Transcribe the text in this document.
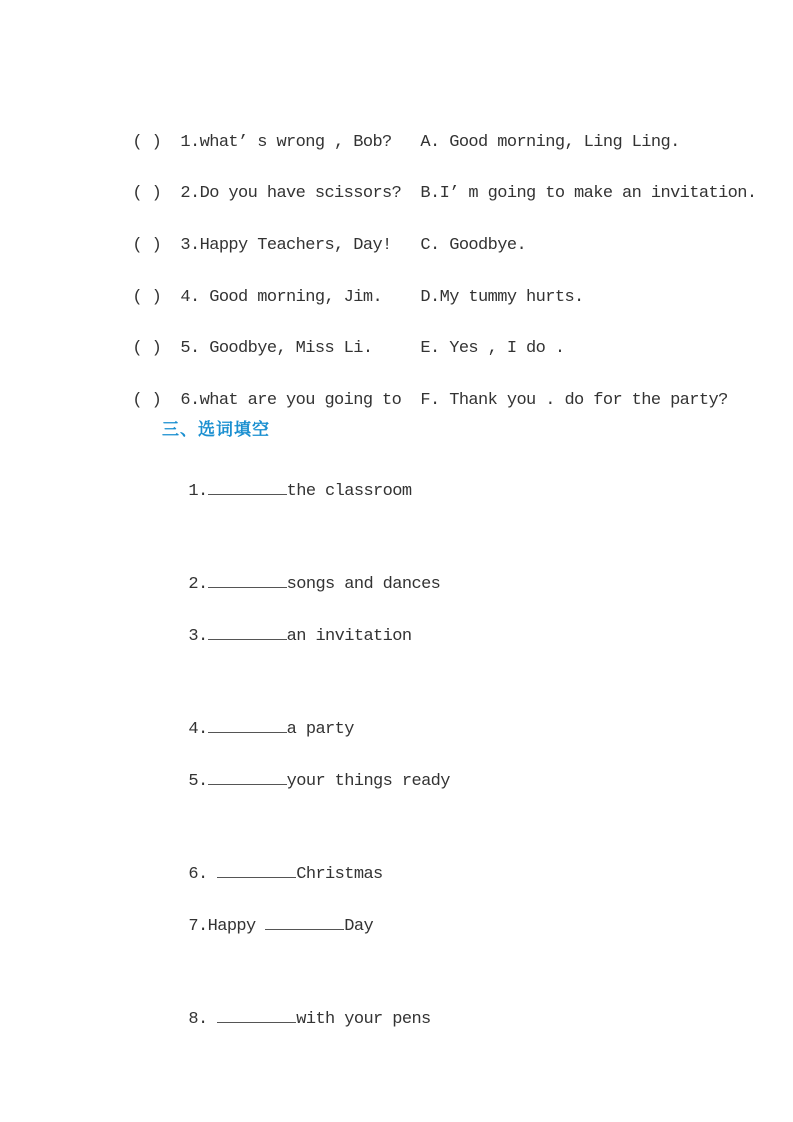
( ) 1.what’ s wrong , Bob? A. Good morning, Ling Ling.

( ) 2.Do you have scissors? B.I’ m going to make an invitation.

( ) 3.Happy Teachers, Day! C. Goodbye.

( ) 4. Good morning, Jim. D.My tummy hurts.

( ) 5. Goodbye, Miss Li.	E. Yes , I do .

( ) 6.what are you going to F. Thank you . do for the party?

三、选词填空

1.	the classroom

2.	songs and dances

3.	an invitation

4.	a party

5.	your things ready

6.	Christmas

7.Happy	Day

8.	with your pens
